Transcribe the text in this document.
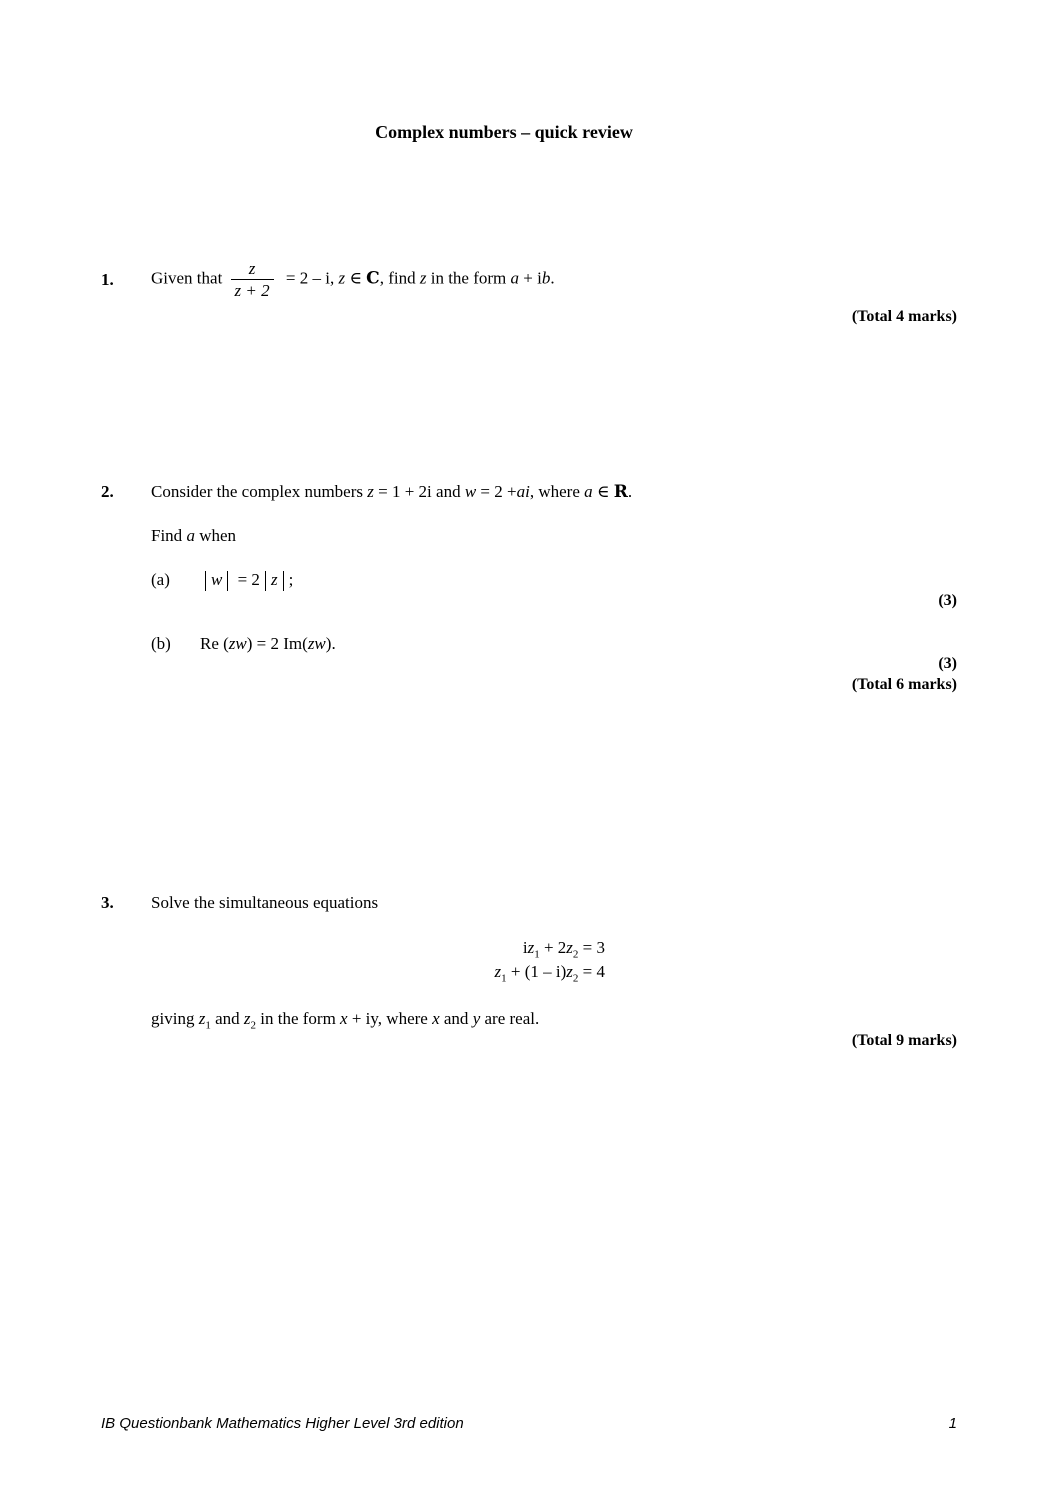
Complex numbers – quick review
1. Given that $\frac{z}{z + 2} = 2 - i$, z ∈ C, find z in the form a + ib.
(Total 4 marks)
2. Consider the complex numbers z = 1 + 2i and w = 2 +ai, where a ∈ R.
Find a when
(a)	w = 2 z ;
(3)
(b) Re (zw) = 2 Im(zw).
(3)
(Total 6 marks)
3. Solve the simultaneous equations
$iz_1 + 2z_2 = 3$
$z_1 + (1 - i)z_2 = 4$
giving $z_1$ and $z_2$ in the form x + iy, where x and y are real.
(Total 9 marks)
IB Questionbank Mathematics Higher Level 3rd edition	1
